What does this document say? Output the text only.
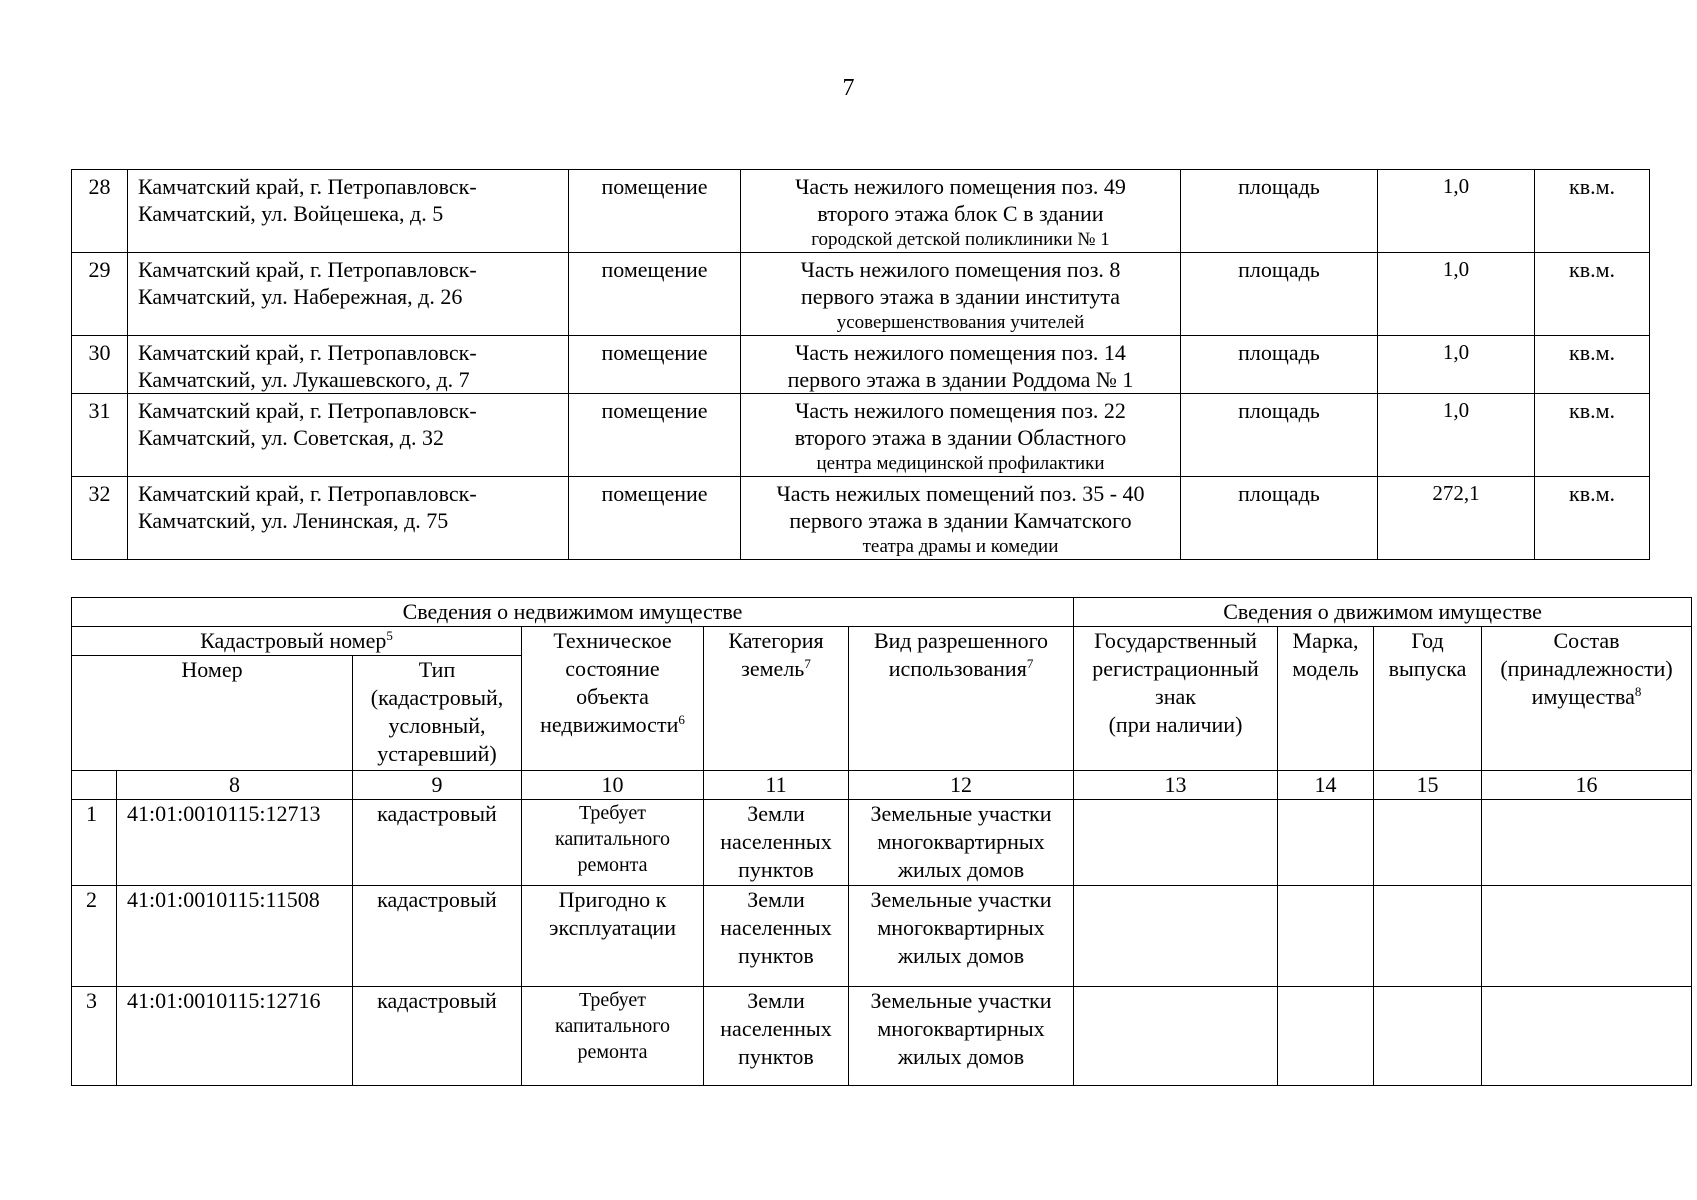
7
28	Камчатский край, г. Петропавловск-
Камчатский, ул. Войцешека, д. 5	помещение	Часть нежилого помещения поз. 49
второго этажа блок С в здании
городской детской поликлиники № 1	площадь	1,0	кв.м.
29	Камчатский край, г. Петропавловск-
Камчатский, ул. Набережная, д. 26	помещение	Часть нежилого помещения поз. 8
первого этажа в здании института
усовершенствования учителей	площадь	1,0	кв.м.
30	Камчатский край, г. Петропавловск-
Камчатский, ул. Лукашевского, д. 7	помещение	Часть нежилого помещения поз. 14
первого этажа в здании Роддома № 1	площадь	1,0	кв.м.
31	Камчатский край, г. Петропавловск-
Камчатский, ул. Советская, д. 32	помещение	Часть нежилого помещения поз. 22
второго этажа в здании Областного
центра медицинской профилактики	площадь	1,0	кв.м.
32	Камчатский край, г. Петропавловск-
Камчатский, ул. Ленинская, д. 75	помещение	Часть нежилых помещений поз. 35 - 40
первого этажа в здании Камчатского
театра драмы и комедии	площадь	272,1	кв.м.
Сведения о недвижимом имуществе						Сведения о движимом имуществе			
Кадастровый номер$^5$			Техническое
состояние
объекта
недвижимости$^6$	Категория
земель$^7$	Вид разрешенного
использования$^7$	Государственный
регистрационный
знак
(при наличии)	Марка,
модель	Год
выпуска	Состав
(принадлежности)
имущества$^8$

Номер		Тип
(кадастровый,
условный,
устаревший)							

	8	9	10	11	12	13	14	15	16
1	41:01:0010115:12713	кадастровый	Требует
капитального
ремонта	Земли
населенных
пунктов	Земельные участки
многоквартирных
жилых домов				

2	41:01:0010115:11508	кадастровый	Пригодно к
эксплуатации	Земли
населенных
пунктов	Земельные участки
многоквартирных
жилых домов				

3	41:01:0010115:12716	кадастровый	Требует
капитального
ремонта	Земли
населенных
пунктов	Земельные участки
многоквартирных
жилых домов				
